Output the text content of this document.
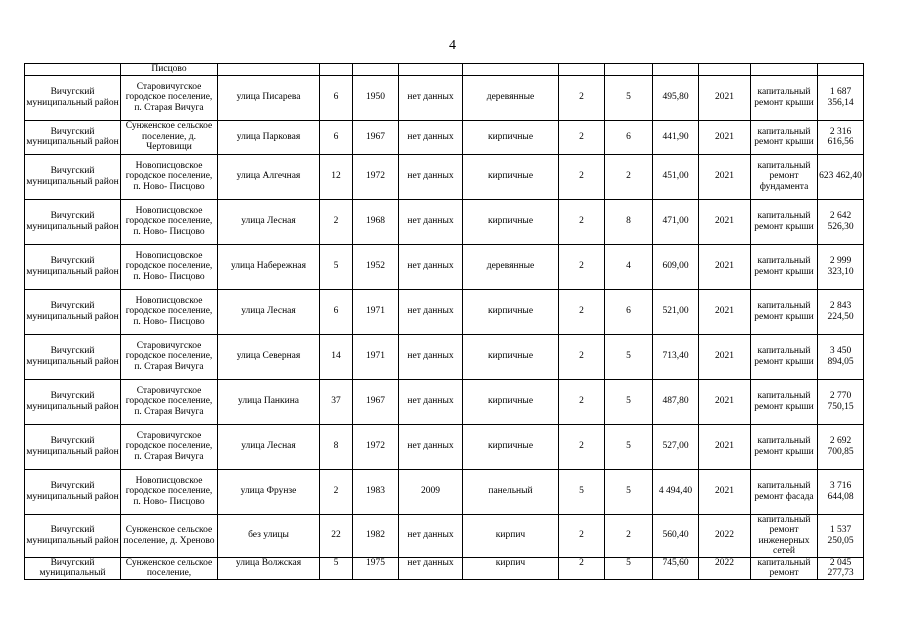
4
	Писцово											
Вичугский муниципальный район	Старовичугское городское поселение, п. Старая Вичуга	улица Писарева	6	1950	нет данных	деревянные	2	5	495,80	2021	капитальный ремонт крыши	1 687 356,14
Вичугский муниципальный район	Сунженское сельское поселение, д. Чертовищи	улица Парковая	6	1967	нет данных	кирпичные	2	6	441,90	2021	капитальный ремонт крыши	2 316 616,56
Вичугский муниципальный район	Новописцовское городское поселение, п. Ново- Писцово	улица Алгечная	12	1972	нет данных	кирпичные	2	2	451,00	2021	капитальный ремонт фундамента	623 462,40
Вичугский муниципальный район	Новописцовское городское поселение, п. Ново- Писцово	улица Лесная	2	1968	нет данных	кирпичные	2	8	471,00	2021	капитальный ремонт крыши	2 642 526,30
Вичугский муниципальный район	Новописцовское городское поселение, п. Ново- Писцово	улица Набережная	5	1952	нет данных	деревянные	2	4	609,00	2021	капитальный ремонт крыши	2 999 323,10
Вичугский муниципальный район	Новописцовское городское поселение, п. Ново- Писцово	улица Лесная	6	1971	нет данных	кирпичные	2	6	521,00	2021	капитальный ремонт крыши	2 843 224,50
Вичугский муниципальный район	Старовичугское городское поселение, п. Старая Вичуга	улица Северная	14	1971	нет данных	кирпичные	2	5	713,40	2021	капитальный ремонт крыши	3 450 894,05
Вичугский муниципальный район	Старовичугское городское поселение, п. Старая Вичуга	улица Панкина	37	1967	нет данных	кирпичные	2	5	487,80	2021	капитальный ремонт крыши	2 770 750,15
Вичугский муниципальный район	Старовичугское городское поселение, п. Старая Вичуга	улица Лесная	8	1972	нет данных	кирпичные	2	5	527,00	2021	капитальный ремонт крыши	2 692 700,85
Вичугский муниципальный район	Новописцовское городское поселение, п. Ново- Писцово	улица Фрунзе	2	1983	2009	панельный	5	5	4 494,40	2021	капитальный ремонт фасада	3 716 644,08
Вичугский муниципальный район	Сунженское сельское поселение, д. Хреново	без улицы	22	1982	нет данных	кирпич	2	2	560,40	2022	капитальный ремонт инженерных сетей	1 537 250,05
Вичугский муниципальный	Сунженское сельское поселение,	улица Волжская	5	1975	нет данных	кирпич	2	5	745,60	2022	капитальный ремонт	2 045 277,73
